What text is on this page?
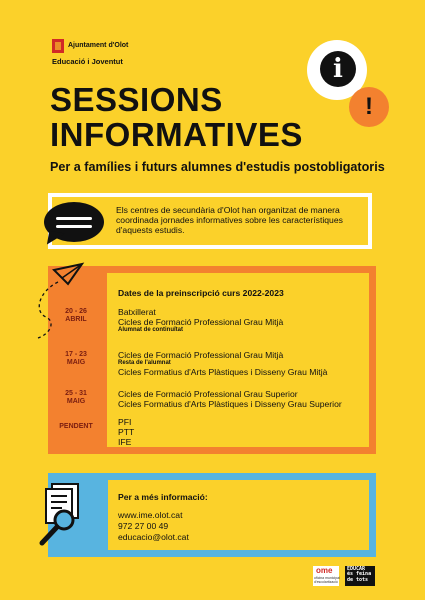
Ajuntament d'Olot
Educació i Joventut
SESSIONS
INFORMATIVES
Per a famílies i futurs alumnes d'estudis postobligatoris
i
!
Els centres de secundària d'Olot han organitzat de manera coordinada jornades informatives sobre les característiques d'aquests estudis.
Dates de la preinscripció curs 2022-2023
20 - 26
ABRIL
Batxillerat
Cicles de Formació Professional Grau Mitjà
Alumnat de continuïtat
17 - 23
MAIG
Cicles de Formació Professional Grau Mitjà
Resta de l'alumnat
Cicles Formatius d'Arts Plàstiques i Disseny Grau Mitjà
25 - 31
MAIG
Cicles de Formació Professional Grau Superior
Cicles Formatius d'Arts Plàstiques i Disseny Grau Superior
PENDENT	PFI
PTT
IFE
Per a més informació:
www.ime.olot.cat
972 27 00 49
educacio@olot.cat
ome
oficina municipal d'escolarització
EDUCAR
és feina
de tots
